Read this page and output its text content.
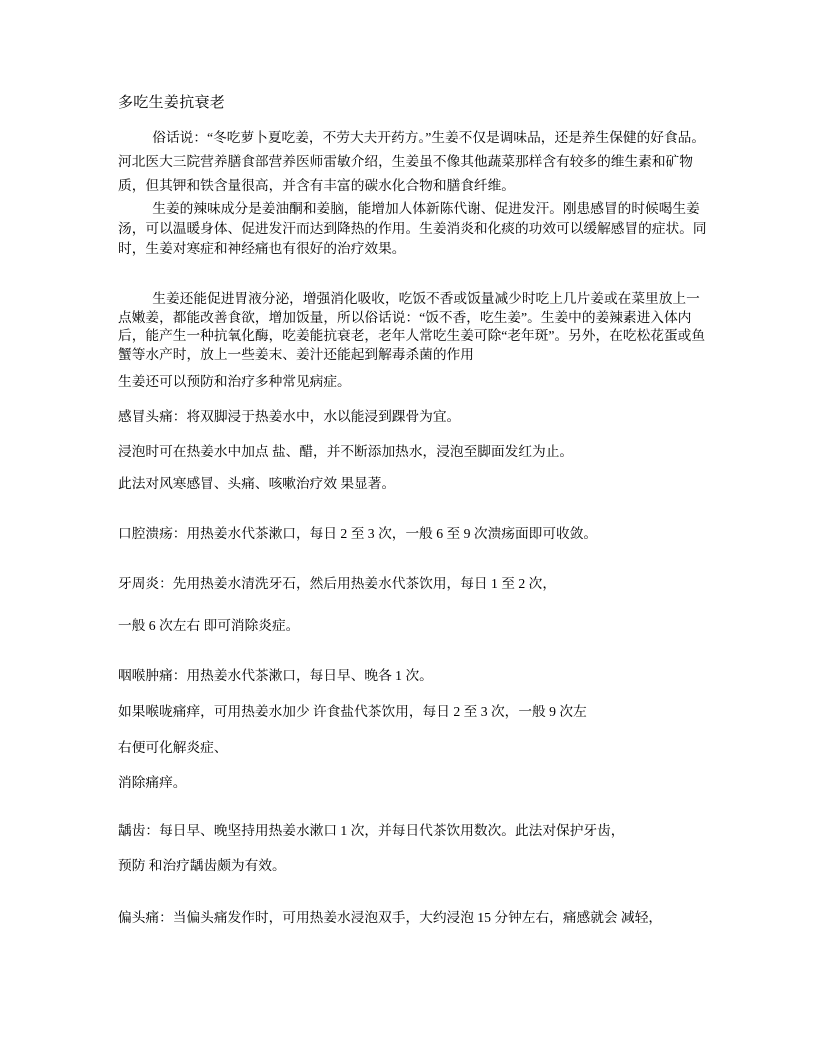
多吃生姜抗衰老

俗话说：“冬吃萝卜夏吃姜，不劳大夫开药方。”生姜不仅是调味品，还是养生保健的好食品。河北医大三院营养膳食部营养医师雷敏介绍，生姜虽不像其他蔬菜那样含有较多的维生素和矿物质，但其钾和铁含量很高，并含有丰富的碳水化合物和膳食纤维。

生姜的辣味成分是姜油酮和姜脑，能增加人体新陈代谢、促进发汗。刚患感冒的时候喝生姜汤，可以温暖身体、促进发汗而达到降热的作用。生姜消炎和化痰的功效可以缓解感冒的症状。同时，生姜对寒症和神经痛也有很好的治疗效果。

生姜还能促进胃液分泌，增强消化吸收，吃饭不香或饭量减少时吃上几片姜或在菜里放上一点嫩姜，都能改善食欲，增加饭量，所以俗话说：“饭不香，吃生姜”。生姜中的姜辣素进入体内后，能产生一种抗氧化酶，吃姜能抗衰老，老年人常吃生姜可除“老年斑”。另外，在吃松花蛋或鱼蟹等水产时，放上一些姜末、姜汁还能起到解毒杀菌的作用

生姜还可以预防和治疗多种常见病症。

感冒头痛：将双脚浸于热姜水中，水以能浸到踝骨为宜。

浸泡时可在热姜水中加点 盐、醋，并不断添加热水，浸泡至脚面发红为止。

此法对风寒感冒、头痛、咳嗽治疗效 果显著。

口腔溃疡：用热姜水代茶漱口，每日 2 至 3 次，一般 6 至 9 次溃疡面即可收敛。

牙周炎：先用热姜水清洗牙石，然后用热姜水代茶饮用，每日 1 至 2 次，

一般 6 次左右 即可消除炎症。

咽喉肿痛：用热姜水代茶漱口，每日早、晚各 1 次。

如果喉咙痛痒，可用热姜水加少 许食盐代茶饮用，每日 2 至 3 次，一般 9 次左

右便可化解炎症、

消除痛痒。

龋齿：每日早、晚坚持用热姜水漱口 1 次，并每日代茶饮用数次。此法对保护牙齿，

预防 和治疗龋齿颇为有效。

偏头痛：当偏头痛发作时，可用热姜水浸泡双手，大约浸泡 15 分钟左右，痛感就会 减轻，
